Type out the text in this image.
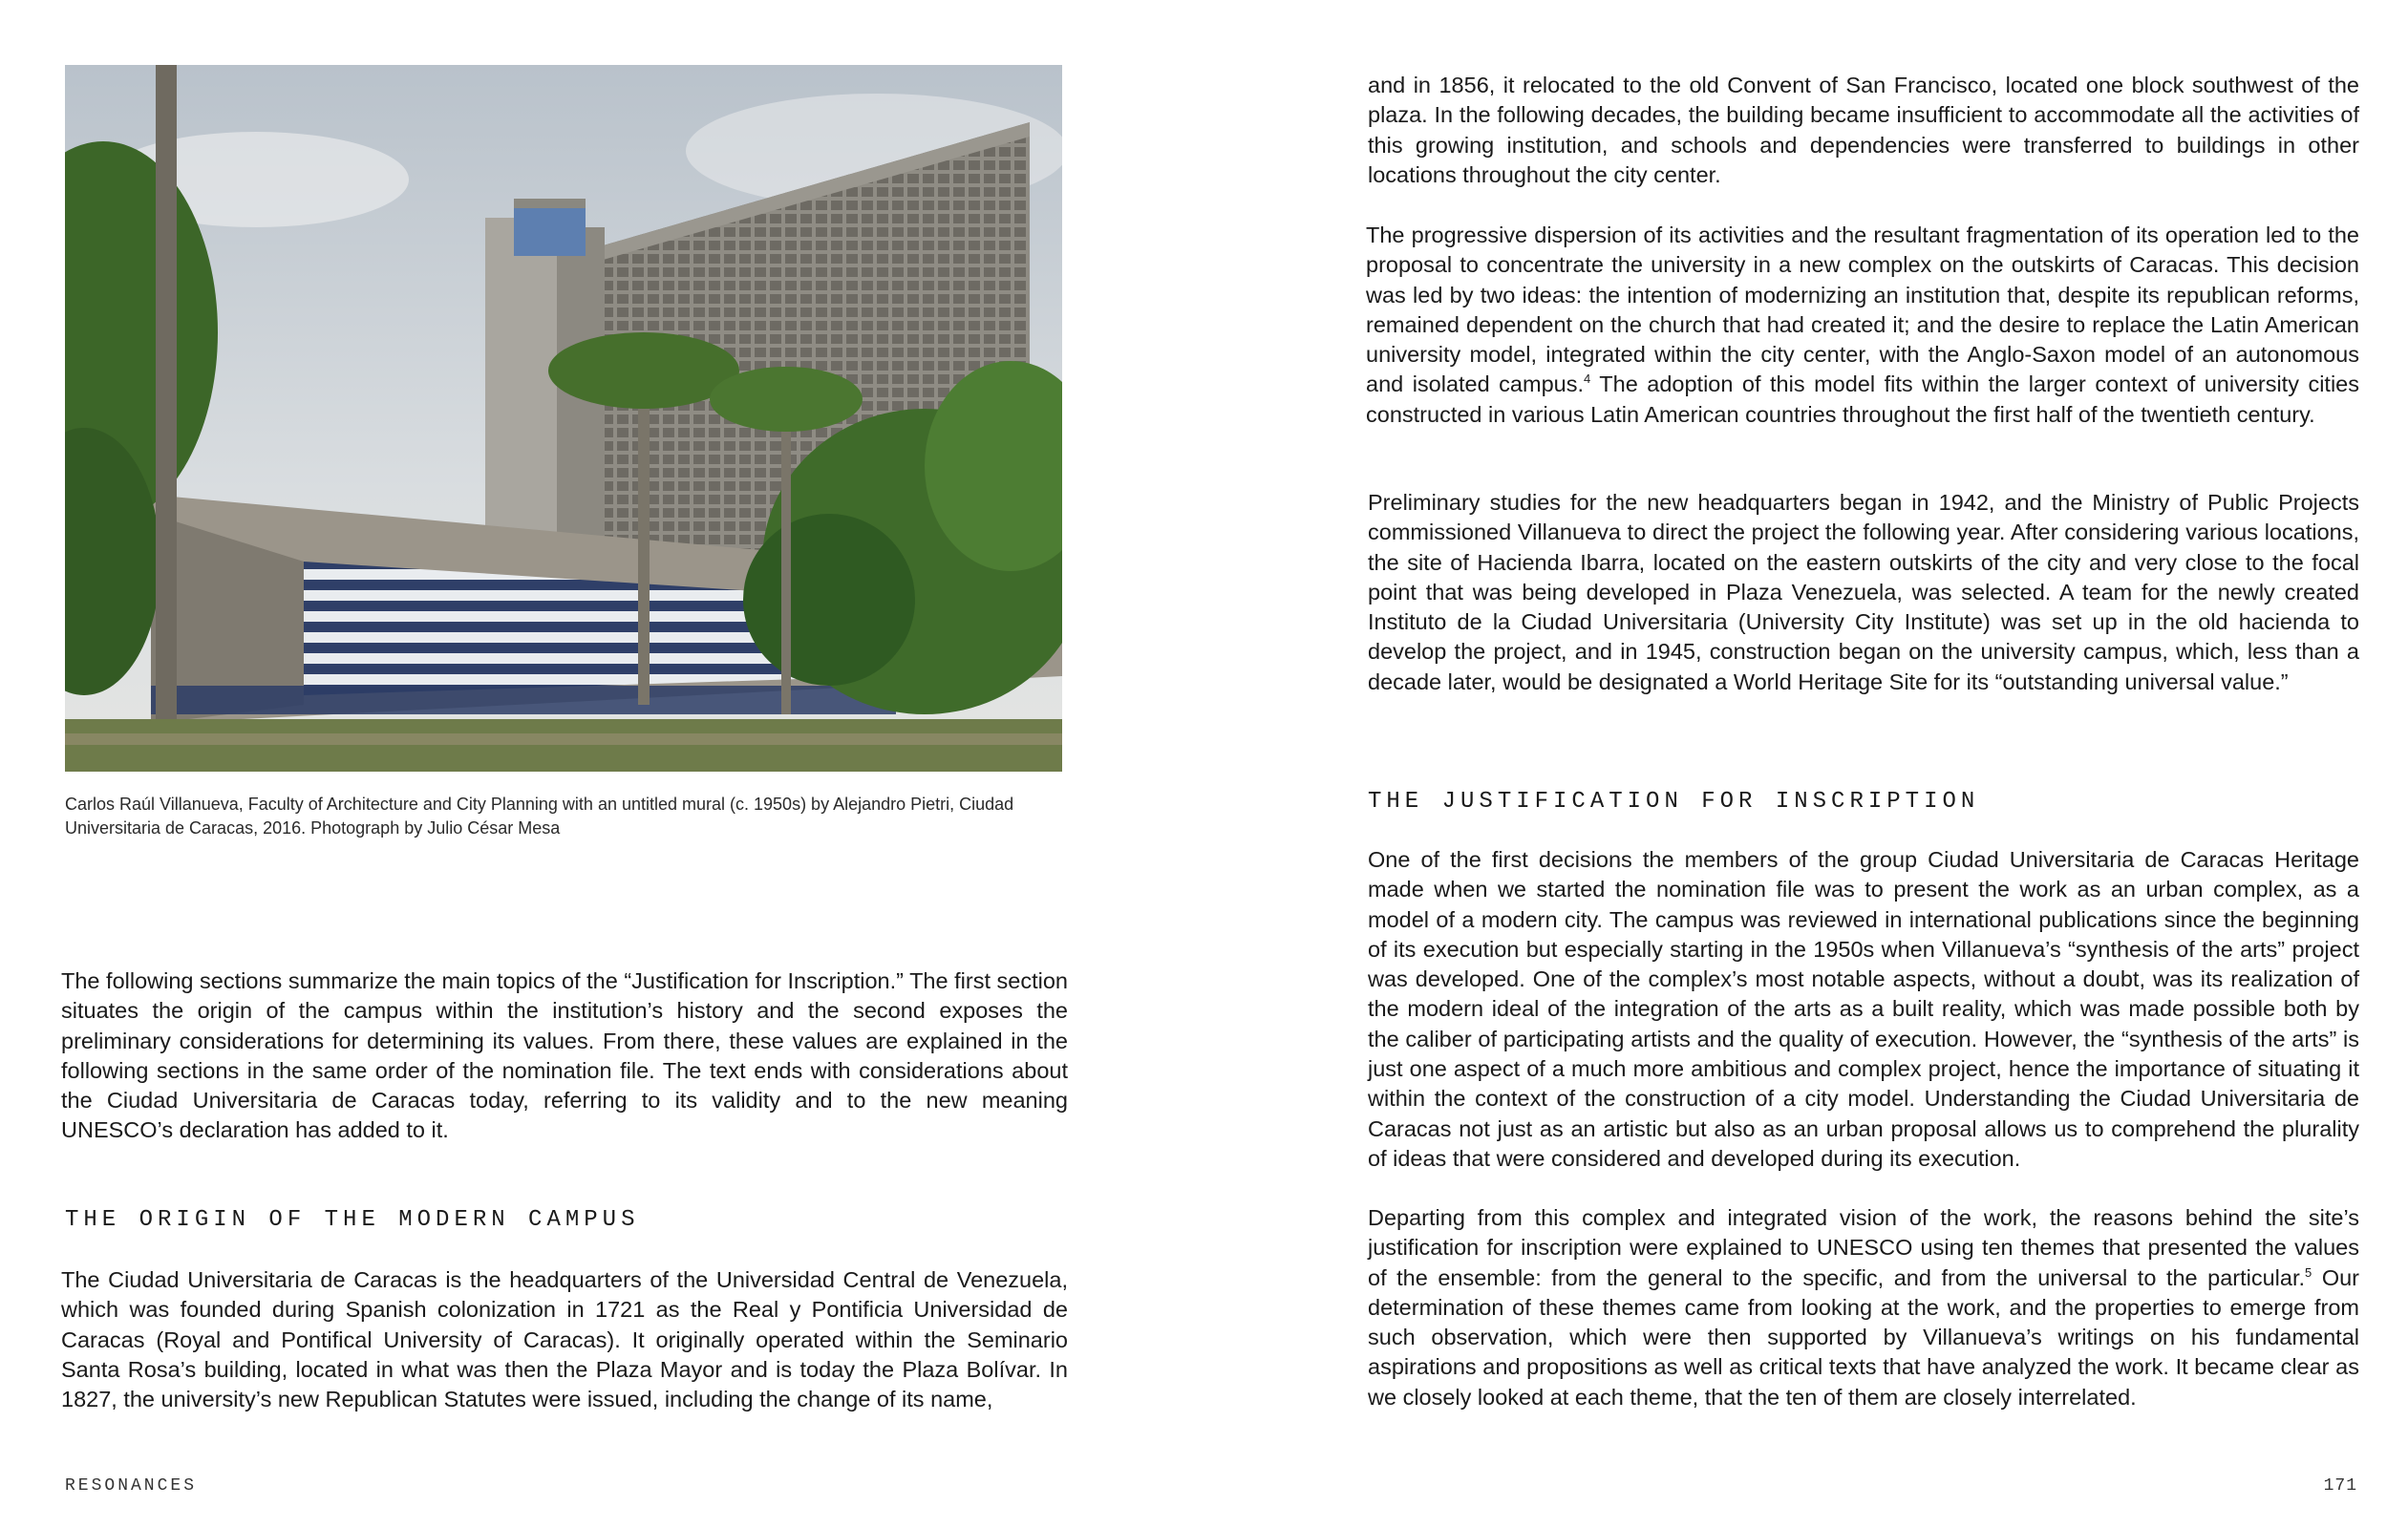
Carlos Raúl Villanueva, Faculty of Architecture and City Planning with an untitled mural (c. 1950s) by Alejandro Pietri, Ciudad Universitaria de Caracas, 2016. Photograph by Julio César Mesa

The following sections summarize the main topics of the “Justification for Inscription.” The first section situates the origin of the campus within the institution’s history and the second exposes the preliminary considerations for determining its values. From there, these values are explained in the following sections in the same order of the nomination file. The text ends with considerations about the Ciudad Universitaria de Caracas today, referring to its validity and to the new meaning UNESCO’s declaration has added to it.

THE ORIGIN OF THE MODERN CAMPUS

The Ciudad Universitaria de Caracas is the headquarters of the Universidad Central de Venezuela, which was founded during Spanish colonization in 1721 as the Real y Pontificia Universidad de Caracas (Royal and Pontifical University of Caracas). It originally operated within the Seminario Santa Rosa’s building, located in what was then the Plaza Mayor and is today the Plaza Bolívar. In 1827, the university’s new Republican Statutes were issued, including the change of its name,

RESONANCES

and in 1856, it relocated to the old Convent of San Francisco, located one block southwest of the plaza. In the following decades, the building became insufficient to accommodate all the activities of this growing institution, and schools and dependencies were transferred to buildings in other locations throughout the city center.

The progressive dispersion of its activities and the resultant fragmentation of its operation led to the proposal to concentrate the university in a new complex on the outskirts of Caracas. This decision was led by two ideas: the intention of modernizing an institution that, despite its republican reforms, remained dependent on the church that had created it; and the desire to replace the Latin American university model, integrated within the city center, with the Anglo-Saxon model of an autonomous and isolated campus.$^4$ The adoption of this model fits within the larger context of university cities constructed in various Latin American countries throughout the first half of the twentieth century.

Preliminary studies for the new headquarters began in 1942, and the Ministry of Public Projects commissioned Villanueva to direct the project the following year. After considering various locations, the site of Hacienda Ibarra, located on the eastern outskirts of the city and very close to the focal point that was being developed in Plaza Venezuela, was selected. A team for the newly created Instituto de la Ciudad Universitaria (University City Institute) was set up in the old hacienda to develop the project, and in 1945, construction began on the university campus, which, less than a decade later, would be designated a World Heritage Site for its “outstanding universal value.”

THE JUSTIFICATION FOR INSCRIPTION

One of the first decisions the members of the group Ciudad Universitaria de Caracas Heritage made when we started the nomination file was to present the work as an urban complex, as a model of a modern city. The campus was reviewed in international publications since the beginning of its execution but especially starting in the 1950s when Villanueva’s “synthesis of the arts” project was developed. One of the complex’s most notable aspects, without a doubt, was its realization of the modern ideal of the integration of the arts as a built reality, which was made possible both by the caliber of participating artists and the quality of execution. However, the “synthesis of the arts” is just one aspect of a much more ambitious and complex project, hence the importance of situating it within the context of the construction of a city model. Understanding the Ciudad Universitaria de Caracas not just as an artistic but also as an urban proposal allows us to comprehend the plurality of ideas that were considered and developed during its execution.

Departing from this complex and integrated vision of the work, the reasons behind the site’s justification for inscription were explained to UNESCO using ten themes that presented the values of the ensemble: from the general to the specific, and from the universal to the particular.$^5$ Our determination of these themes came from looking at the work, and the properties to emerge from such observation, which were then supported by Villanueva’s writings on his fundamental aspirations and propositions as well as critical texts that have analyzed the work. It became clear as we closely looked at each theme, that the ten of them are closely interrelated.

171
